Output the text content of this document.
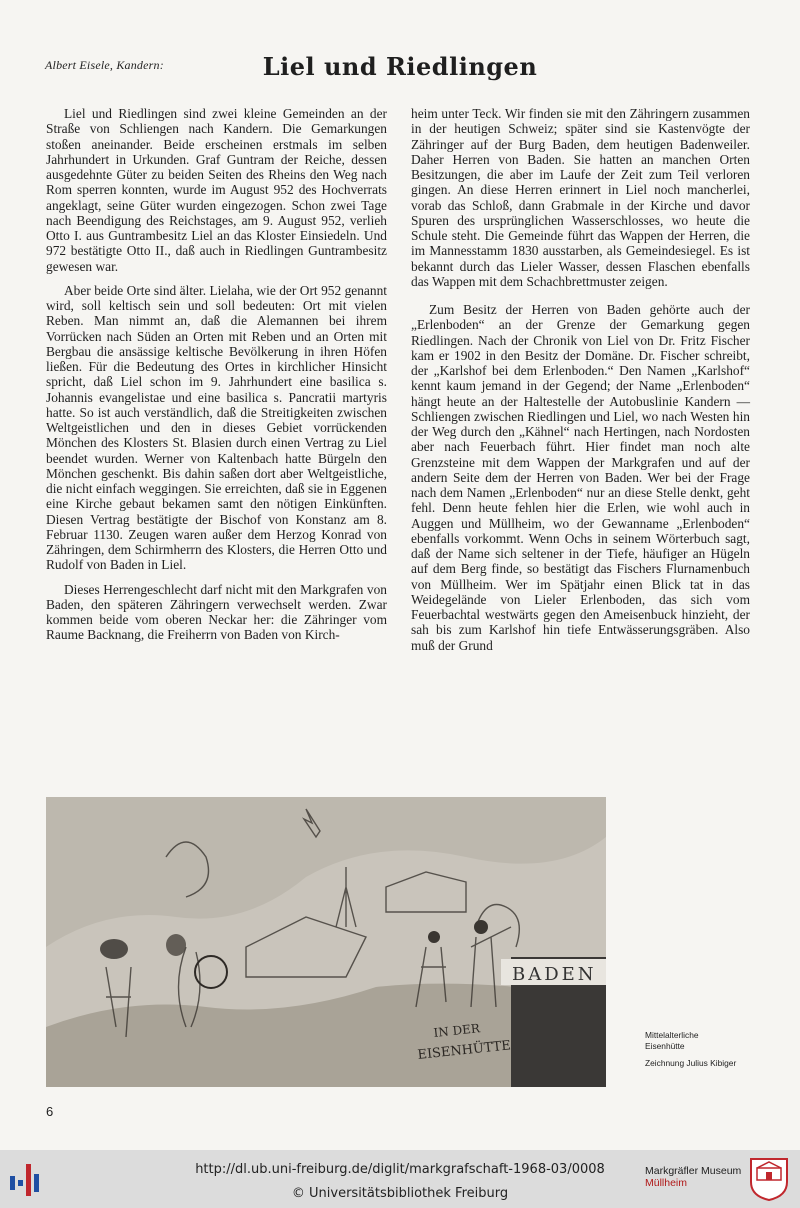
Albert Eisele, Kandern:	Liel und Riedlingen

Liel und Riedlingen sind zwei kleine Gemeinden an der Straße von Schliengen nach Kandern. Die Gemarkungen stoßen aneinander. Beide erscheinen erstmals im selben Jahrhundert in Urkunden. Graf Guntram der Reiche, dessen ausgedehnte Güter zu beiden Seiten des Rheins den Weg nach Rom sperren konnten, wurde im August 952 des Hochverrats angeklagt, seine Güter wurden eingezogen. Schon zwei Tage nach Beendigung des Reichstages, am 9. August 952, verlieh Otto I. aus Guntrambesitz Liel an das Kloster Einsiedeln. Und 972 bestätigte Otto II., daß auch in Riedlingen Guntrambesitz gewesen war.

Aber beide Orte sind älter. Lielaha, wie der Ort 952 genannt wird, soll keltisch sein und soll bedeuten: Ort mit vielen Reben. Man nimmt an, daß die Alemannen bei ihrem Vorrücken nach Süden an Orten mit Reben und an Orten mit Bergbau die ansässige keltische Bevölkerung in ihren Höfen ließen. Für die Bedeutung des Ortes in kirchlicher Hinsicht spricht, daß Liel schon im 9. Jahrhundert eine basilica s. Johannis evangelistae und eine basilica s. Pancratii martyris hatte. So ist auch verständlich, daß die Streitigkeiten zwischen Weltgeistlichen und den in dieses Gebiet vorrückenden Mönchen des Klosters St. Blasien durch einen Vertrag zu Liel beendet wurden. Werner von Kaltenbach hatte Bürgeln den Mönchen geschenkt. Bis dahin saßen dort aber Weltgeistliche, die nicht einfach weggingen. Sie erreichten, daß sie in Eggenen eine Kirche gebaut bekamen samt den nötigen Einkünften. Diesen Vertrag bestätigte der Bischof von Konstanz am 8. Februar 1130. Zeugen waren außer dem Herzog Konrad von Zähringen, dem Schirmherrn des Klosters, die Herren Otto und Rudolf von Baden in Liel.

Dieses Herrengeschlecht darf nicht mit den Markgrafen von Baden, den späteren Zähringern verwechselt werden. Zwar kommen beide vom oberen Neckar her: die Zähringer vom Raume Backnang, die Freiherrn von Baden von Kirch-

heim unter Teck. Wir finden sie mit den Zähringern zusammen in der heutigen Schweiz; später sind sie Kastenvögte der Zähringer auf der Burg Baden, dem heutigen Badenweiler. Daher Herren von Baden. Sie hatten an manchen Orten Besitzungen, die aber im Laufe der Zeit zum Teil verloren gingen. An diese Herren erinnert in Liel noch mancherlei, vorab das Schloß, dann Grabmale in der Kirche und davor Spuren des ursprünglichen Wasserschlosses, wo heute die Schule steht. Die Gemeinde führt das Wappen der Herren, die im Mannesstamm 1830 ausstarben, als Gemeindesiegel. Es ist bekannt durch das Lieler Wasser, dessen Flaschen ebenfalls das Wappen mit dem Schachbrettmuster zeigen.

Zum Besitz der Herren von Baden gehörte auch der „Erlenboden“ an der Grenze der Gemarkung gegen Riedlingen. Nach der Chronik von Liel von Dr. Fritz Fischer kam er 1902 in den Besitz der Domäne. Dr. Fischer schreibt, der „Karlshof bei dem Erlenboden.“ Den Namen „Karlshof“ kennt kaum jemand in der Gegend; der Name „Erlenboden“ hängt heute an der Haltestelle der Autobuslinie Kandern — Schliengen zwischen Riedlingen und Liel, wo nach Westen hin der Weg durch den „Kähnel“ nach Hertingen, nach Nordosten aber nach Feuerbach führt. Hier findet man noch alte Grenzsteine mit dem Wappen der Markgrafen und auf der andern Seite dem der Herren von Baden. Wer bei der Frage nach dem Namen „Erlenboden“ nur an diese Stelle denkt, geht fehl. Denn heute fehlen hier die Erlen, wie wohl auch in Auggen und Müllheim, wo der Gewanname „Erlenboden“ ebenfalls vorkommt. Wenn Ochs in seinem Wörterbuch sagt, daß der Name sich seltener in der Tiefe, häufiger an Hügeln auf dem Berg finde, so bestätigt das Fischers Flurnamenbuch von Müllheim. Wer im Spätjahr einen Blick tat in das Weidegelände von Lieler Erlenboden, das sich vom Feuerbachtal westwärts gegen den Ameisenbuck hinzieht, der sah bis zum Karlshof hin tiefe Entwässerungsgräben. Also muß der Grund

BADEN
IN DER
EISENHÜTTE
Mittelalterliche
Eisenhütte
Zeichnung Julius Kibiger
6
http://dl.ub.uni-freiburg.de/diglit/markgrafschaft-1968-03/0008
© Universitätsbibliothek Freiburg
Markgräfler Museum
Müllheim
